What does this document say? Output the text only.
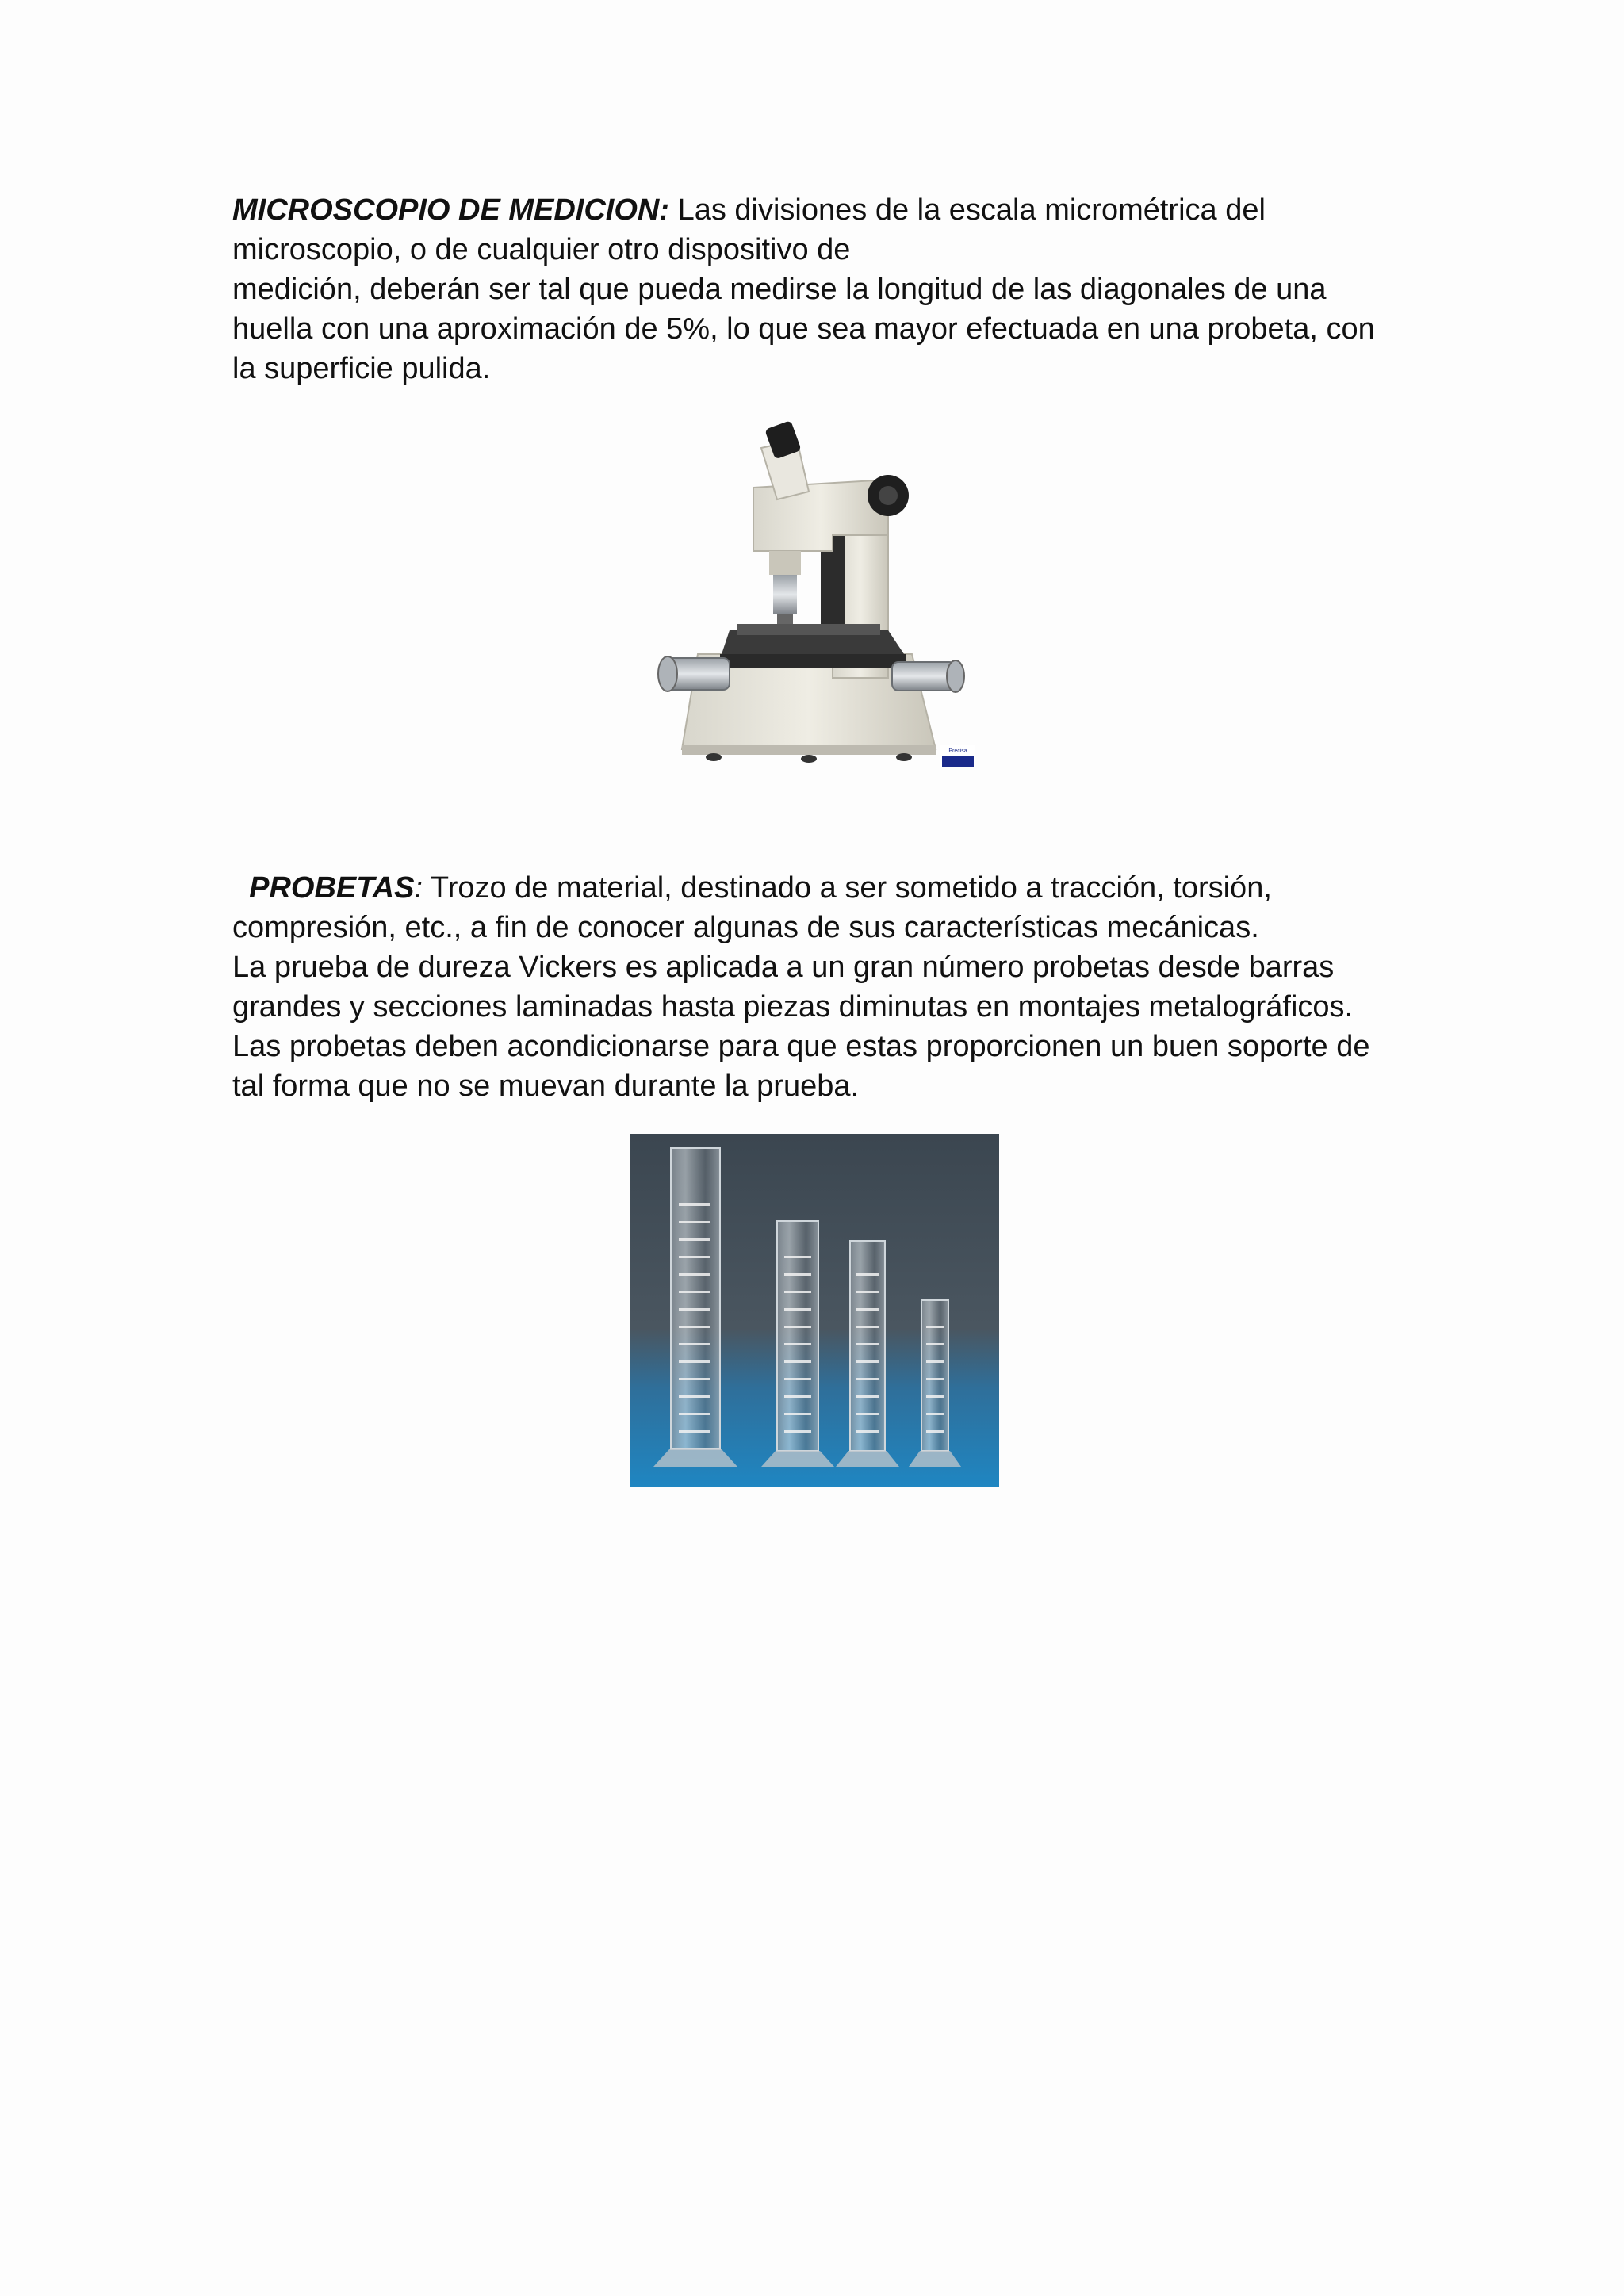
MICROSCOPIO DE MEDICION: Las divisiones de la escala micrométrica del
microscopio, o de cualquier otro dispositivo de
medición, deberán ser tal que pueda medirse la longitud de las diagonales de una
huella con una aproximación de 5%, lo que sea mayor efectuada en una probeta, con
la superficie pulida.

Precisa

PROBETAS: Trozo de material, destinado a ser sometido a tracción, torsión,
compresión, etc., a fin de conocer algunas de sus características mecánicas.
La prueba de dureza Vickers es aplicada a un gran número probetas desde barras
grandes y secciones laminadas hasta piezas diminutas en montajes metalográficos.
Las probetas deben acondicionarse para que estas proporcionen un buen soporte de
tal forma que no se muevan durante la prueba.
